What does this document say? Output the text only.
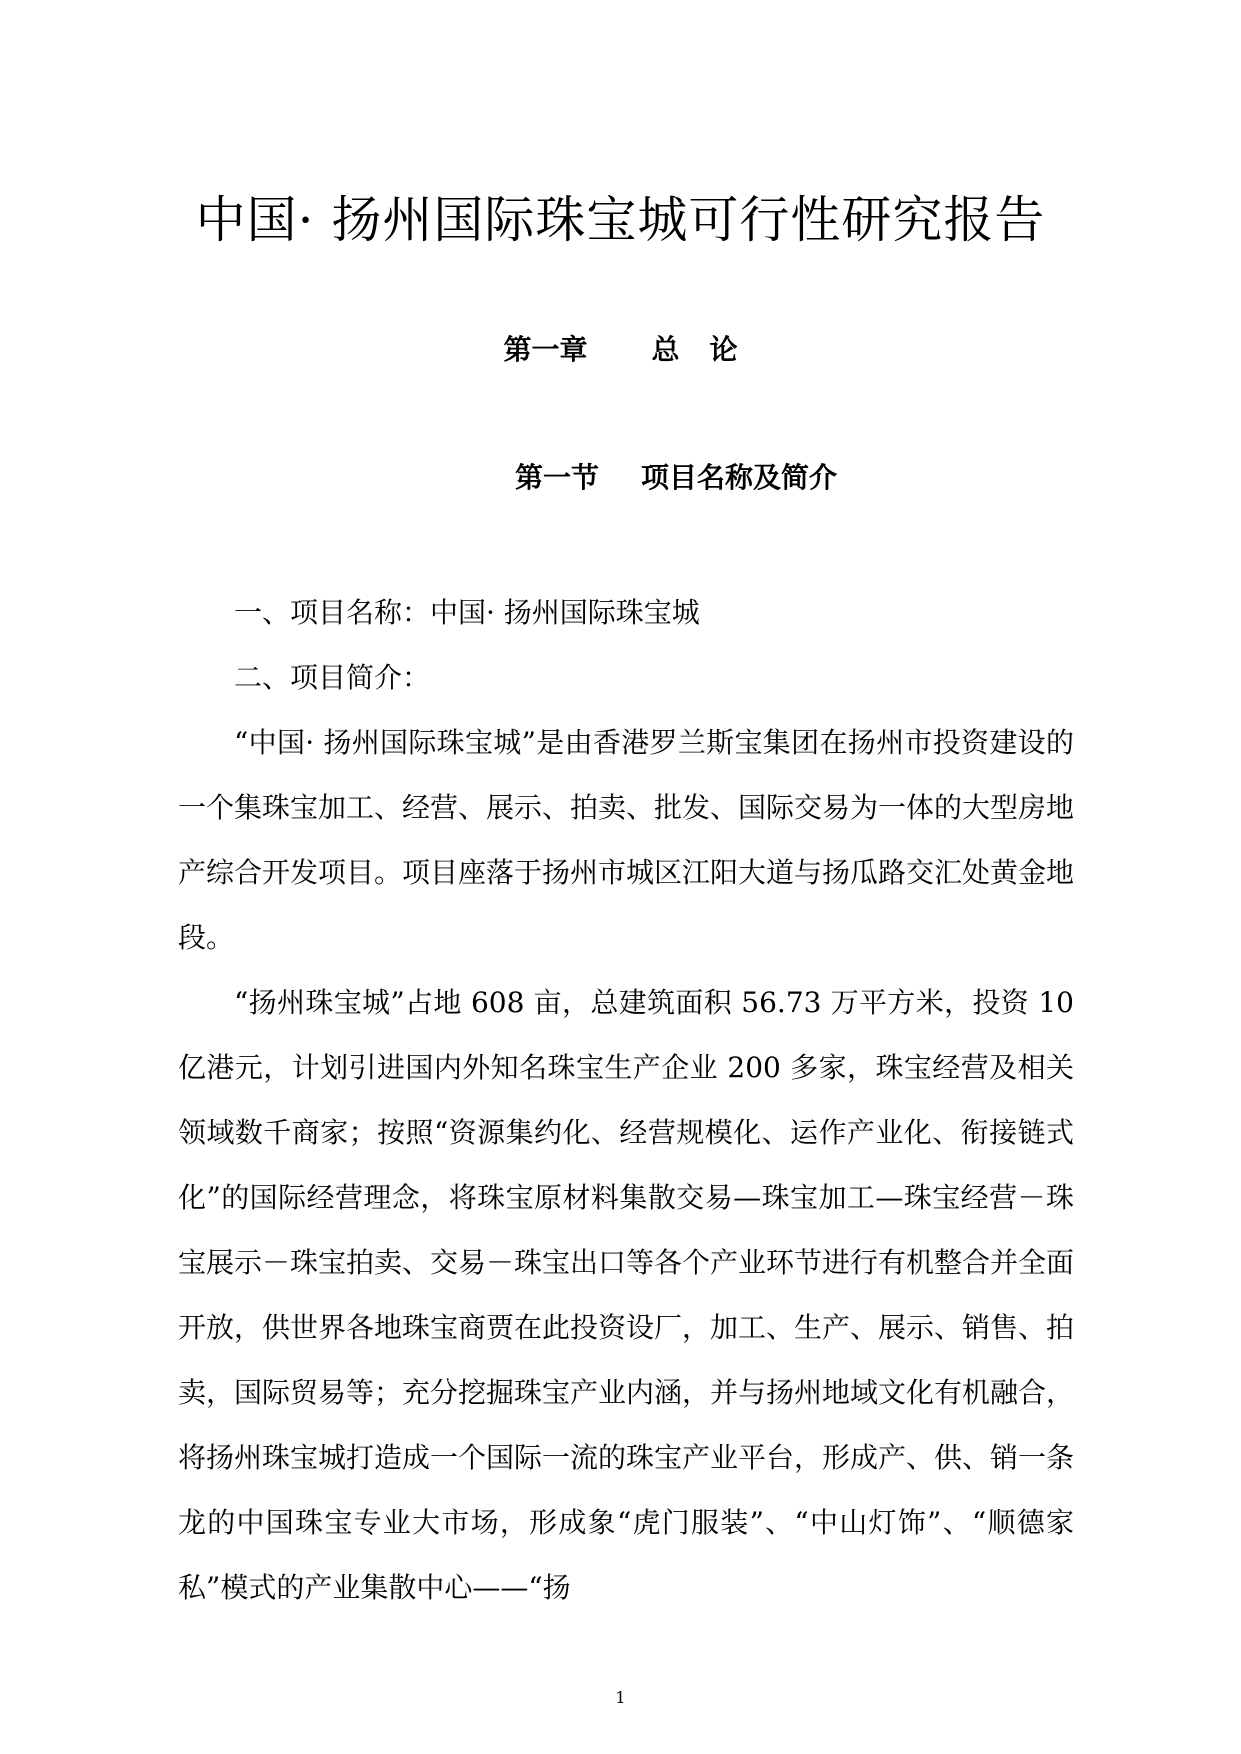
中国· 扬州国际珠宝城可行性研究报告
第一章 总 论
第一节 项目名称及简介

一、项目名称：中国· 扬州国际珠宝城

二、项目简介：

“中国· 扬州国际珠宝城”是由香港罗兰斯宝集团在扬州市投资建设的一个集珠宝加工、经营、展示、拍卖、批发、国际交易为一体的大型房地产综合开发项目。项目座落于扬州市城区江阳大道与扬瓜路交汇处黄金地段。

“扬州珠宝城”占地 608 亩，总建筑面积 56.73 万平方米，投资 10 亿港元，计划引进国内外知名珠宝生产企业 200 多家，珠宝经营及相关领域数千商家；按照“资源集约化、经营规模化、运作产业化、衔接链式化”的国际经营理念，将珠宝原材料集散交易—珠宝加工—珠宝经营－珠宝展示－珠宝拍卖、交易－珠宝出口等各个产业环节进行有机整合并全面开放，供世界各地珠宝商贾在此投资设厂，加工、生产、展示、销售、拍卖，国际贸易等；充分挖掘珠宝产业内涵，并与扬州地域文化有机融合，将扬州珠宝城打造成一个国际一流的珠宝产业平台，形成产、供、销一条龙的中国珠宝专业大市场，形成象“虎门服装”、“中山灯饰”、“顺德家私”模式的产业集散中心——“扬

1
